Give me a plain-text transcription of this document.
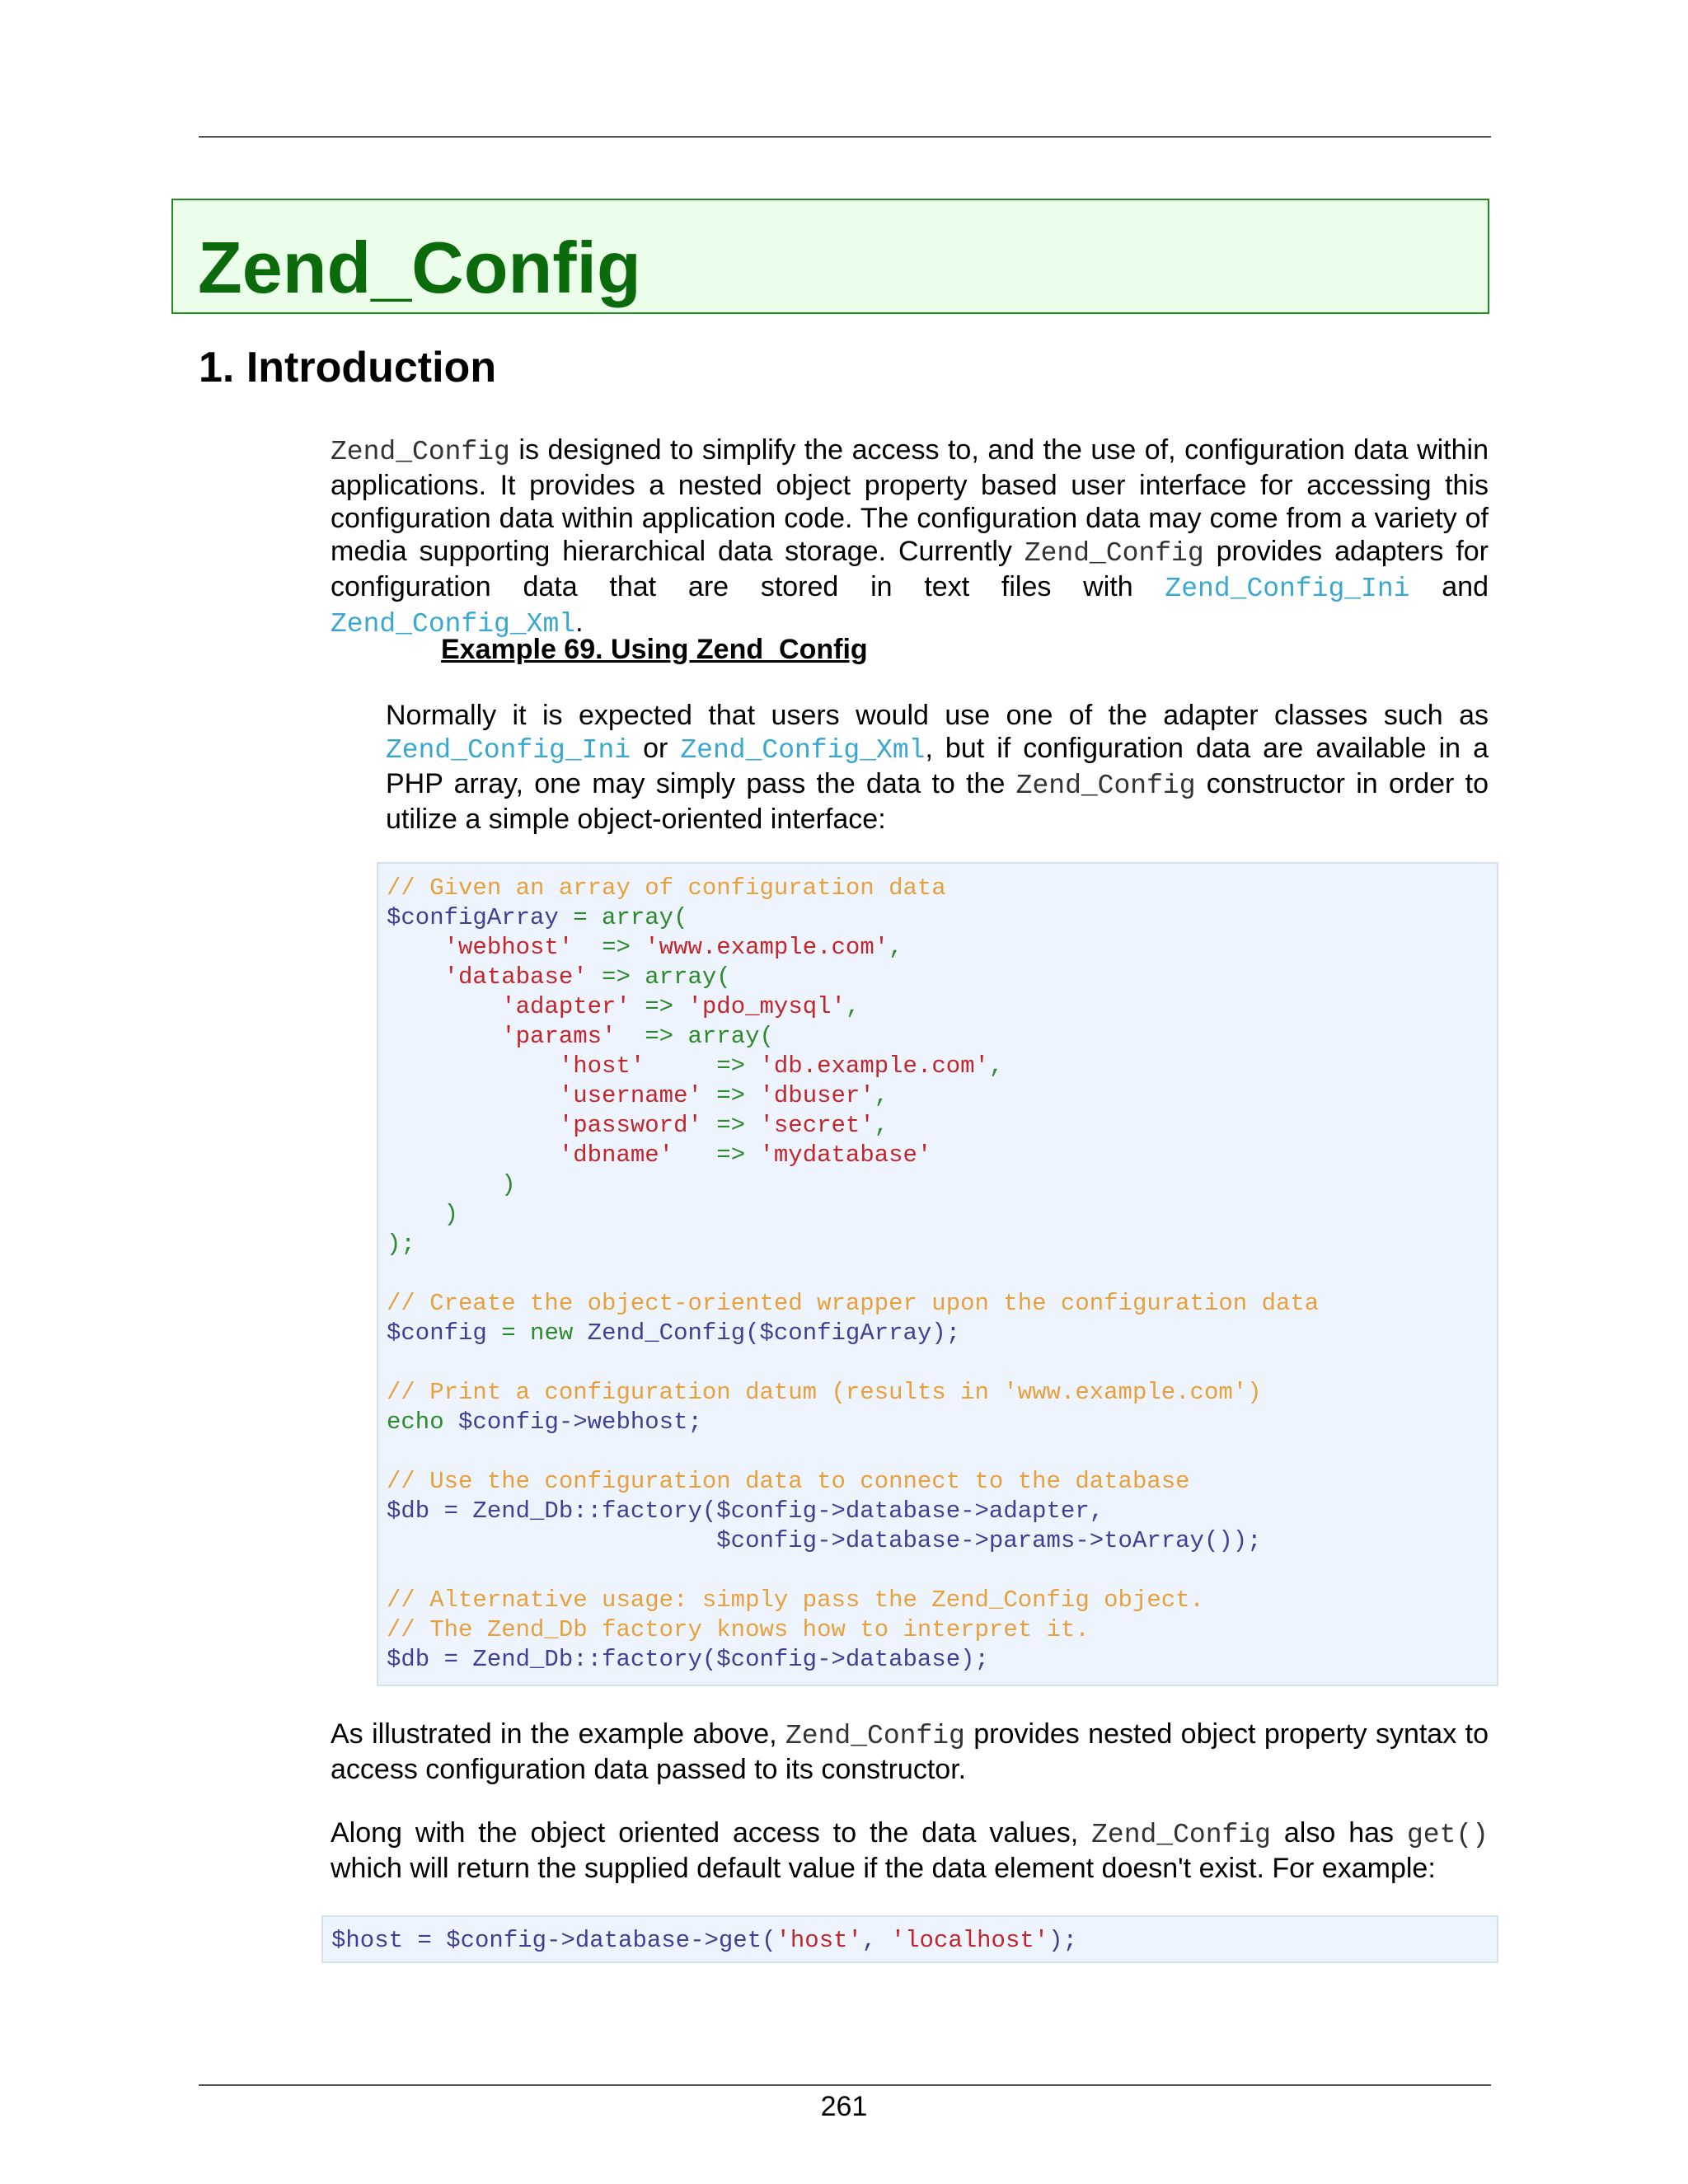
Zend_Config
1. Introduction

Zend_Config is designed to simplify the access to, and the use of, configuration data within applications. It provides a nested object property based user interface for accessing this configuration data within application code. The configuration data may come from a variety of media supporting hierarchical data storage. Currently Zend_Config provides adapters for configuration data that are stored in text files with Zend_Config_Ini and Zend_Config_Xml.

Example 69. Using Zend_Config

Normally it is expected that users would use one of the adapter classes such as Zend_Config_Ini or Zend_Config_Xml, but if configuration data are available in a PHP array, one may simply pass the data to the Zend_Config constructor in order to utilize a simple object-oriented interface:

// Given an array of configuration data
$configArray = array(
'webhost'  => 'www.example.com',
'database' => array(
'adapter' => 'pdo_mysql',
'params'  => array(
'host'     => 'db.example.com',
'username' => 'dbuser',
'password' => 'secret',
'dbname'   => 'mydatabase'
)
)
);
// Create the object-oriented wrapper upon the configuration data
$config = new Zend_Config($configArray);
// Print a configuration datum (results in 'www.example.com')
echo $config->webhost;
// Use the configuration data to connect to the database
$db = Zend_Db::factory($config->database->adapter,
$config->database->params->toArray());
// Alternative usage: simply pass the Zend_Config object.
// The Zend_Db factory knows how to interpret it.
$db = Zend_Db::factory($config->database);

As illustrated in the example above, Zend_Config provides nested object property syntax to access configuration data passed to its constructor.

Along with the object oriented access to the data values, Zend_Config also has get() which will return the supplied default value if the data element doesn't exist. For example:

$host = $config->database->get('host', 'localhost');
261
